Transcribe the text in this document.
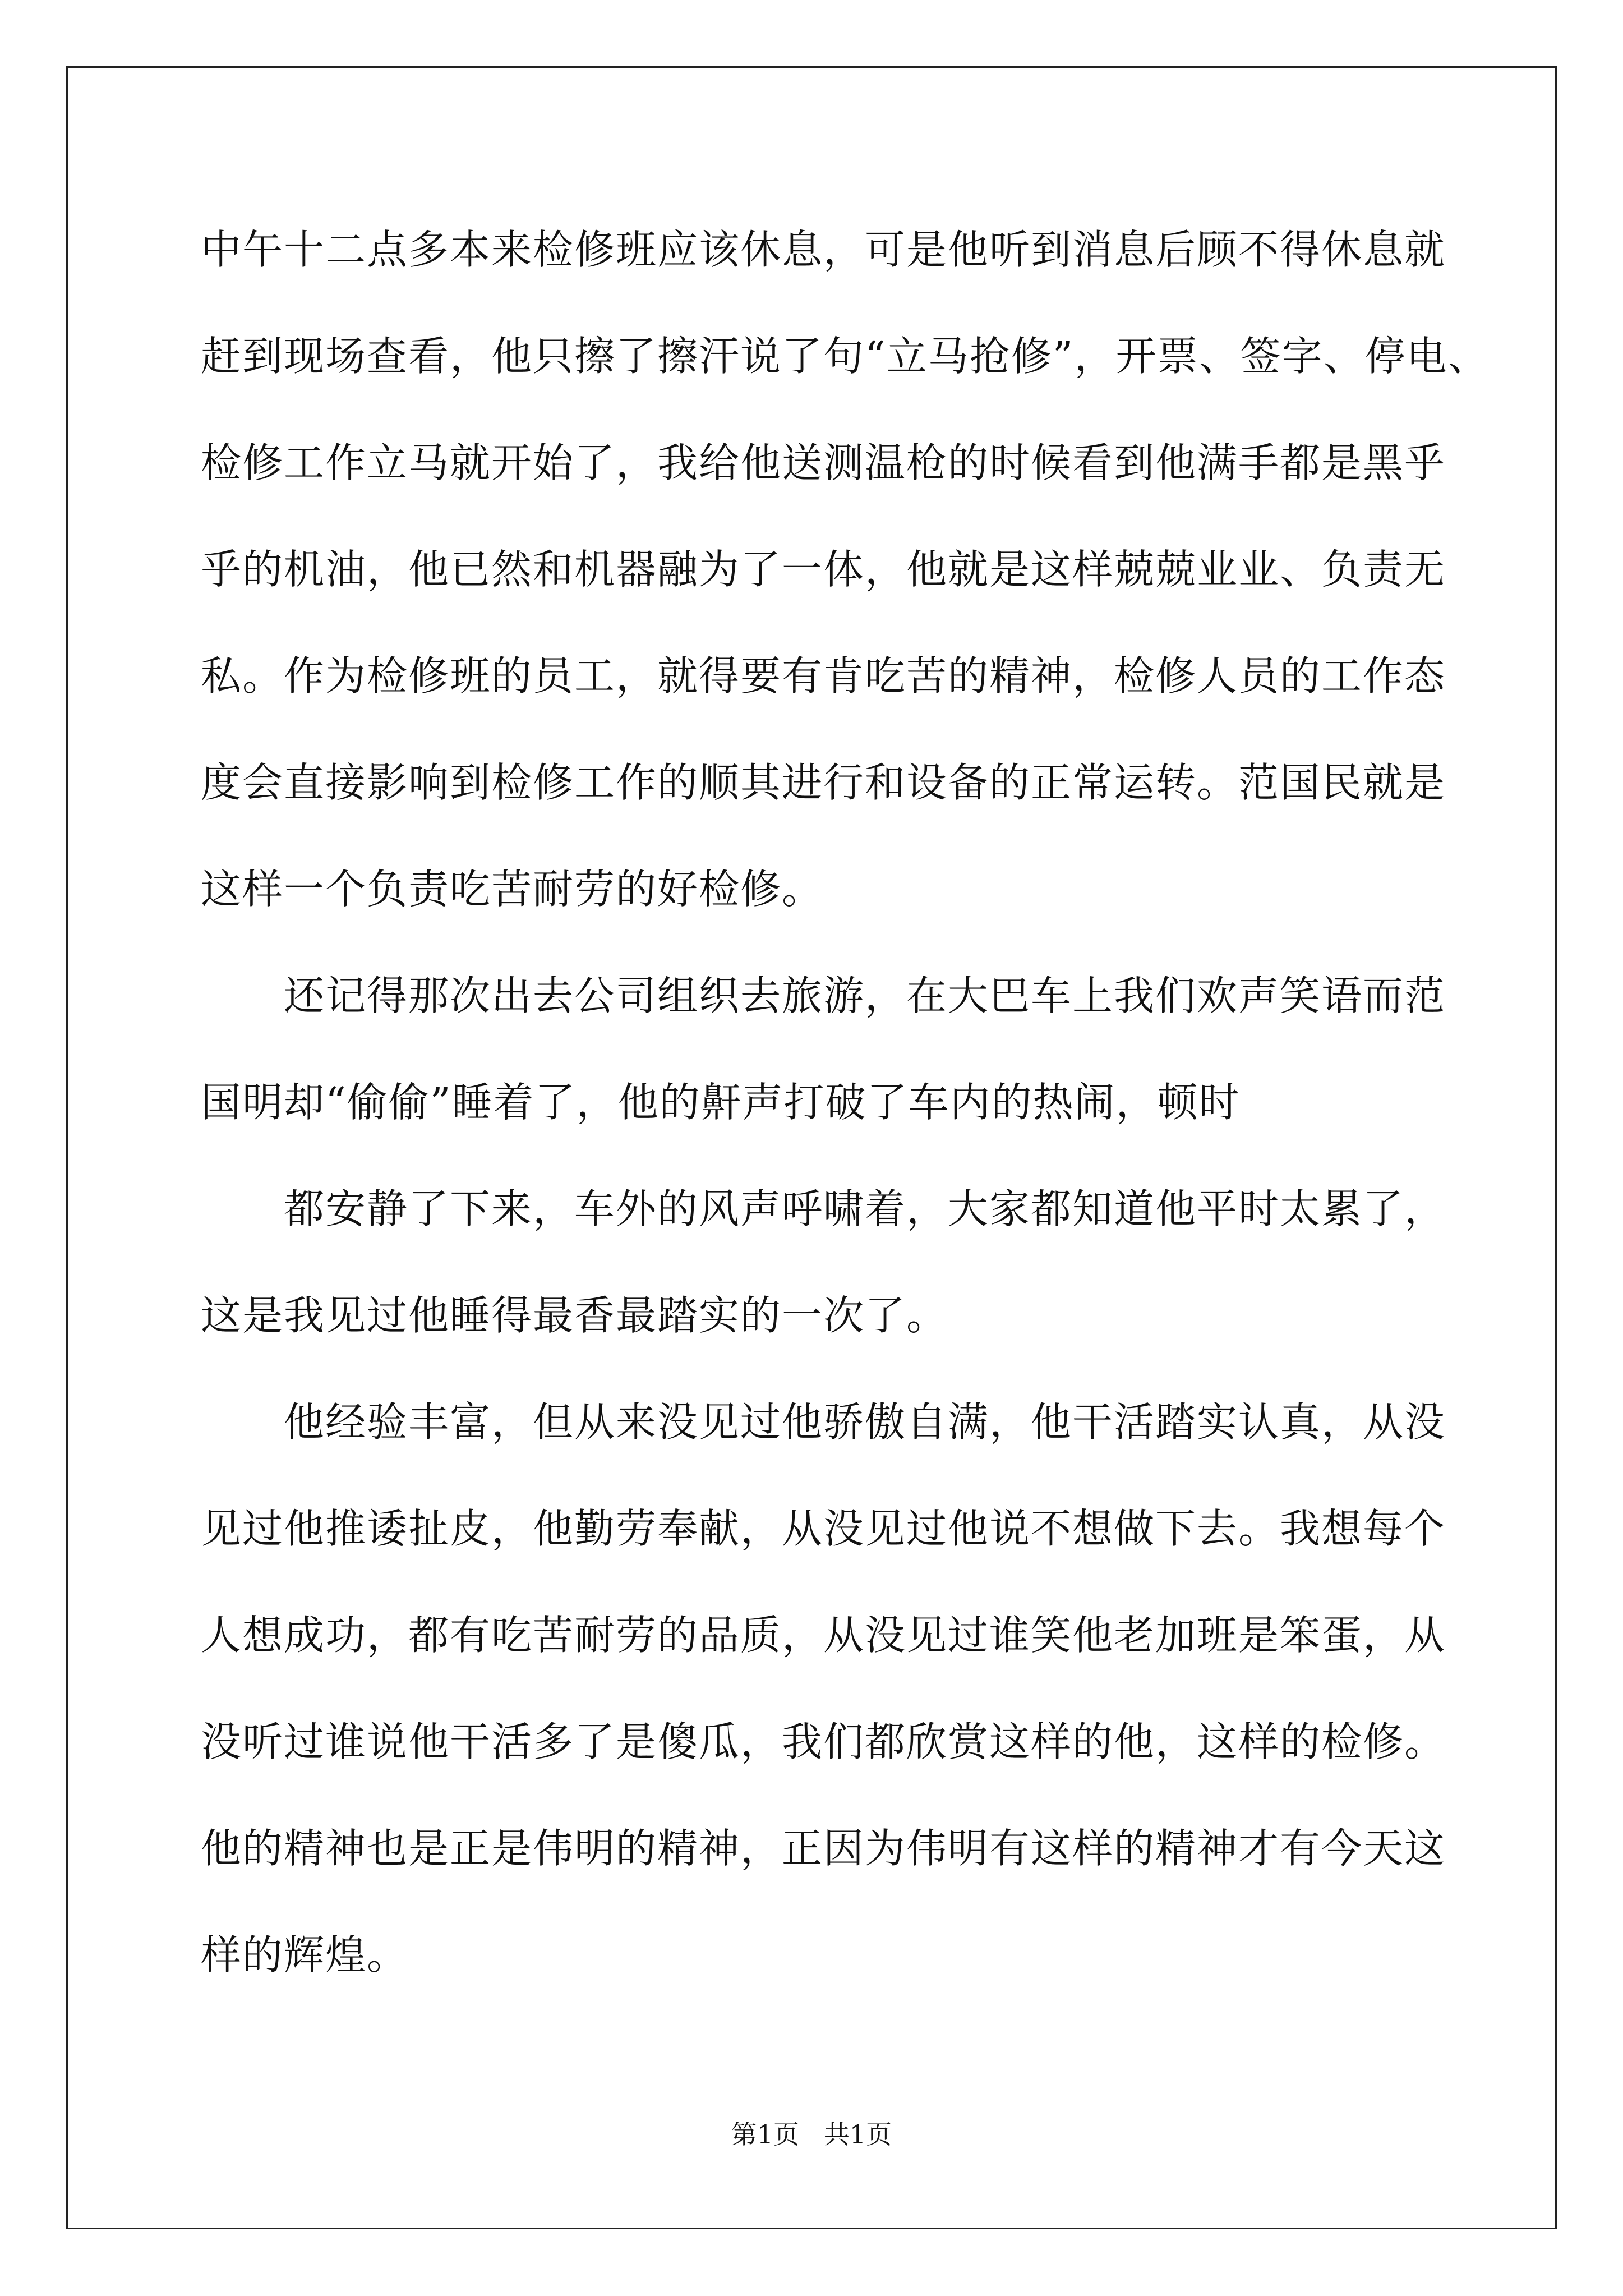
中午十二点多本来检修班应该休息，可是他听到消息后顾不得休息就
赶到现场查看，他只擦了擦汗说了句“立马抢修”，开票、签字、停电、
检修工作立马就开始了，我给他送测温枪的时候看到他满手都是黑乎
乎的机油，他已然和机器融为了一体，他就是这样兢兢业业、负责无
私。作为检修班的员工，就得要有肯吃苦的精神，检修人员的工作态
度会直接影响到检修工作的顺其进行和设备的正常运转。范国民就是
这样一个负责吃苦耐劳的好检修。
还记得那次出去公司组织去旅游，在大巴车上我们欢声笑语而范
国明却“偷偷”睡着了，他的鼾声打破了车内的热闹，顿时
都安静了下来，车外的风声呼啸着，大家都知道他平时太累了，
这是我见过他睡得最香最踏实的一次了。
他经验丰富，但从来没见过他骄傲自满，他干活踏实认真，从没
见过他推诿扯皮，他勤劳奉献，从没见过他说不想做下去。我想每个
人想成功，都有吃苦耐劳的品质，从没见过谁笑他老加班是笨蛋，从
没听过谁说他干活多了是傻瓜，我们都欣赏这样的他，这样的检修。
他的精神也是正是伟明的精神，正因为伟明有这样的精神才有今天这
样的辉煌。
第1页   共1页
